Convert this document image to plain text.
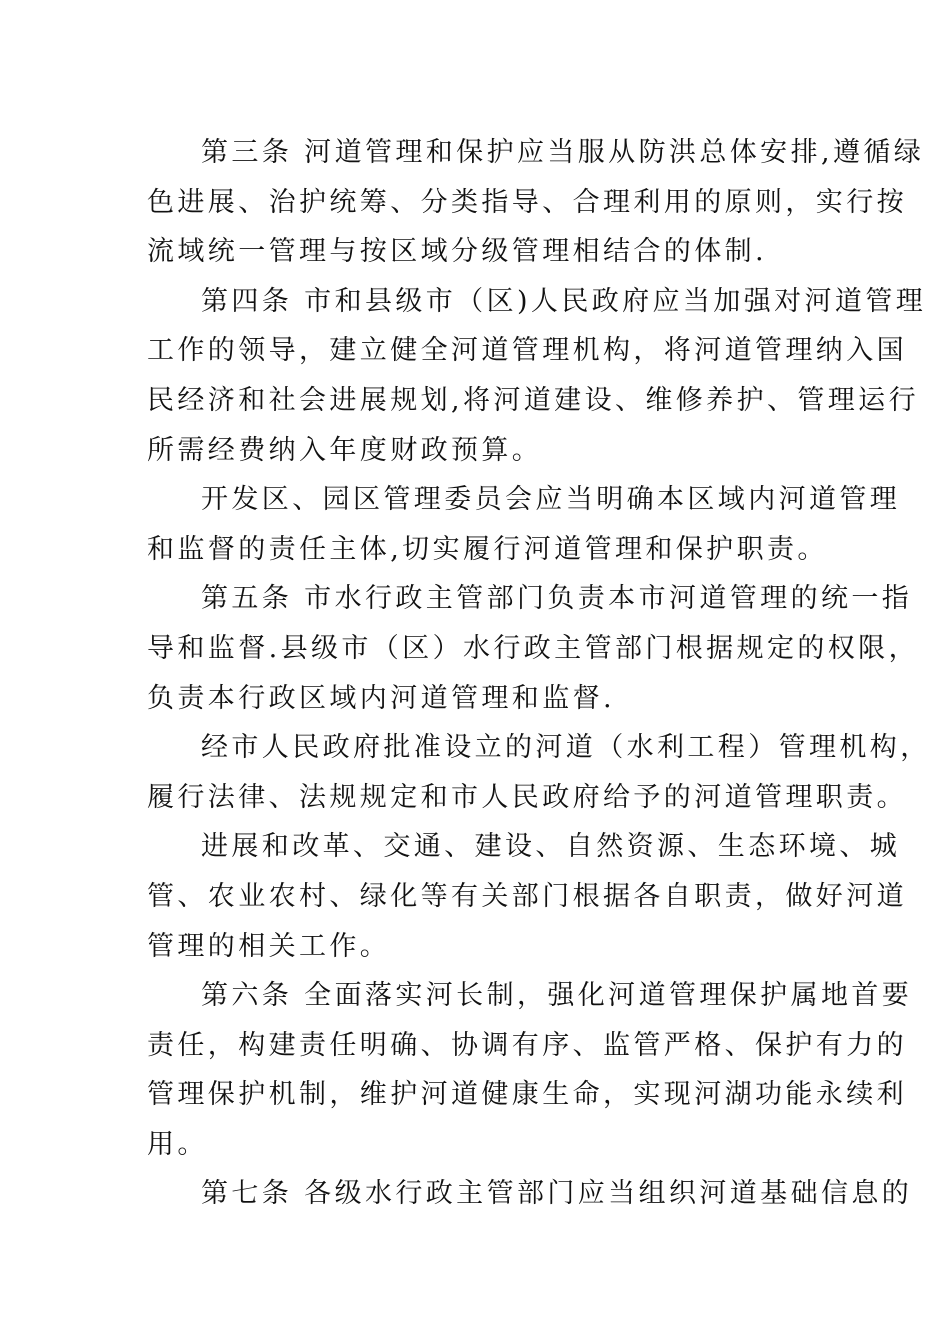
第三条 河道管理和保护应当服从防洪总体安排,遵循绿
色进展、治护统筹、分类指导、合理利用的原则，实行按
流域统一管理与按区域分级管理相结合的体制.
第四条 市和县级市（区)人民政府应当加强对河道管理
工作的领导，建立健全河道管理机构，将河道管理纳入国
民经济和社会进展规划,将河道建设、维修养护、管理运行
所需经费纳入年度财政预算。
开发区、园区管理委员会应当明确本区域内河道管理
和监督的责任主体,切实履行河道管理和保护职责。
第五条 市水行政主管部门负责本市河道管理的统一指
导和监督.县级市（区）水行政主管部门根据规定的权限，
负责本行政区域内河道管理和监督.
经市人民政府批准设立的河道（水利工程）管理机构，
履行法律、法规规定和市人民政府给予的河道管理职责。
进展和改革、交通、建设、自然资源、生态环境、城
管、农业农村、绿化等有关部门根据各自职责，做好河道
管理的相关工作。
第六条 全面落实河长制，强化河道管理保护属地首要
责任，构建责任明确、协调有序、监管严格、保护有力的
管理保护机制，维护河道健康生命，实现河湖功能永续利
用。
第七条 各级水行政主管部门应当组织河道基础信息的
